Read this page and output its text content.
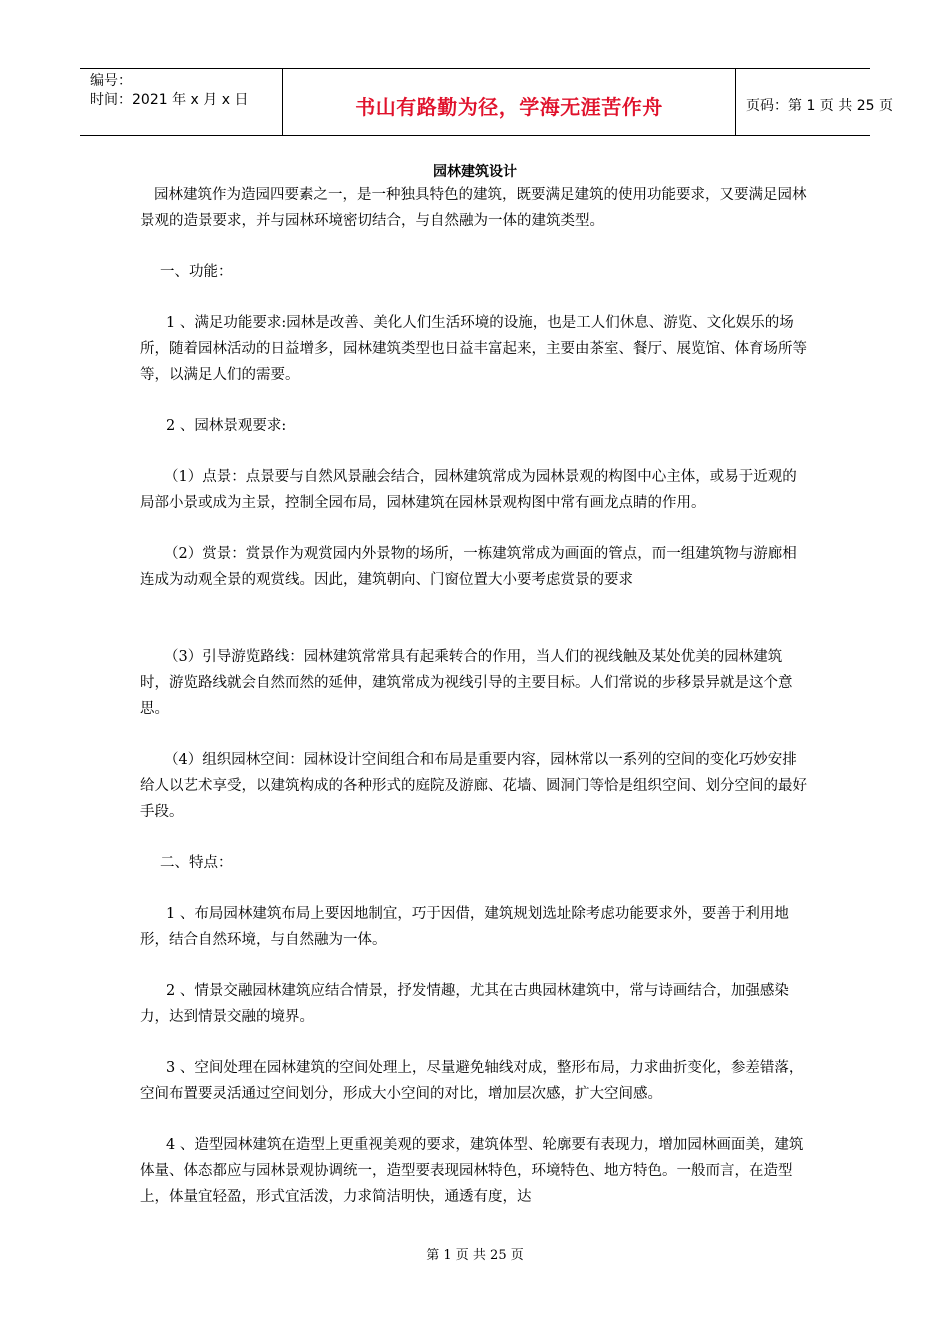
编号：
时间：2021 年 x 月 x 日	书山有路勤为径，学海无涯苦作舟	页码：第 1 页 共 25 页
园林建筑设计

园林建筑作为造园四要素之一，是一种独具特色的建筑，既要满足建筑的使用功能要求，又要满足园林景观的造景要求，并与园林环境密切结合，与自然融为一体的建筑类型。

一、功能：

1 、满足功能要求:园林是改善、美化人们生活环境的设施，也是工人们休息、游览、文化娱乐的场所，随着园林活动的日益增多，园林建筑类型也日益丰富起来，主要由茶室、餐厅、展览馆、体育场所等等，以满足人们的需要。

2 、园林景观要求:

（1）点景：点景要与自然风景融会结合，园林建筑常成为园林景观的构图中心主体，或易于近观的局部小景或成为主景，控制全园布局，园林建筑在园林景观构图中常有画龙点睛的作用。

（2）赏景：赏景作为观赏园内外景物的场所，一栋建筑常成为画面的管点，而一组建筑物与游廊相连成为动观全景的观赏线。因此，建筑朝向、门窗位置大小要考虑赏景的要求

（3）引导游览路线：园林建筑常常具有起乘转合的作用，当人们的视线触及某处优美的园林建筑时，游览路线就会自然而然的延伸，建筑常成为视线引导的主要目标。人们常说的步移景异就是这个意思。

（4）组织园林空间：园林设计空间组合和布局是重要内容，园林常以一系列的空间的变化巧妙安排给人以艺术享受，以建筑构成的各种形式的庭院及游廊、花墙、圆洞门等恰是组织空间、划分空间的最好手段。

二、特点：

1 、布局园林建筑布局上要因地制宜，巧于因借，建筑规划选址除考虑功能要求外，要善于利用地形，结合自然环境，与自然融为一体。

2 、情景交融园林建筑应结合情景，抒发情趣，尤其在古典园林建筑中，常与诗画结合，加强感染力，达到情景交融的境界。

3 、空间处理在园林建筑的空间处理上，尽量避免轴线对成，整形布局，力求曲折变化，参差错落，空间布置要灵活通过空间划分，形成大小空间的对比，增加层次感，扩大空间感。

4 、造型园林建筑在造型上更重视美观的要求，建筑体型、轮廓要有表现力，增加园林画面美，建筑体量、体态都应与园林景观协调统一，造型要表现园林特色，环境特色、地方特色。一般而言，在造型上，体量宜轻盈，形式宜活泼，力求简洁明快，通透有度，达

第 1 页 共 25 页
